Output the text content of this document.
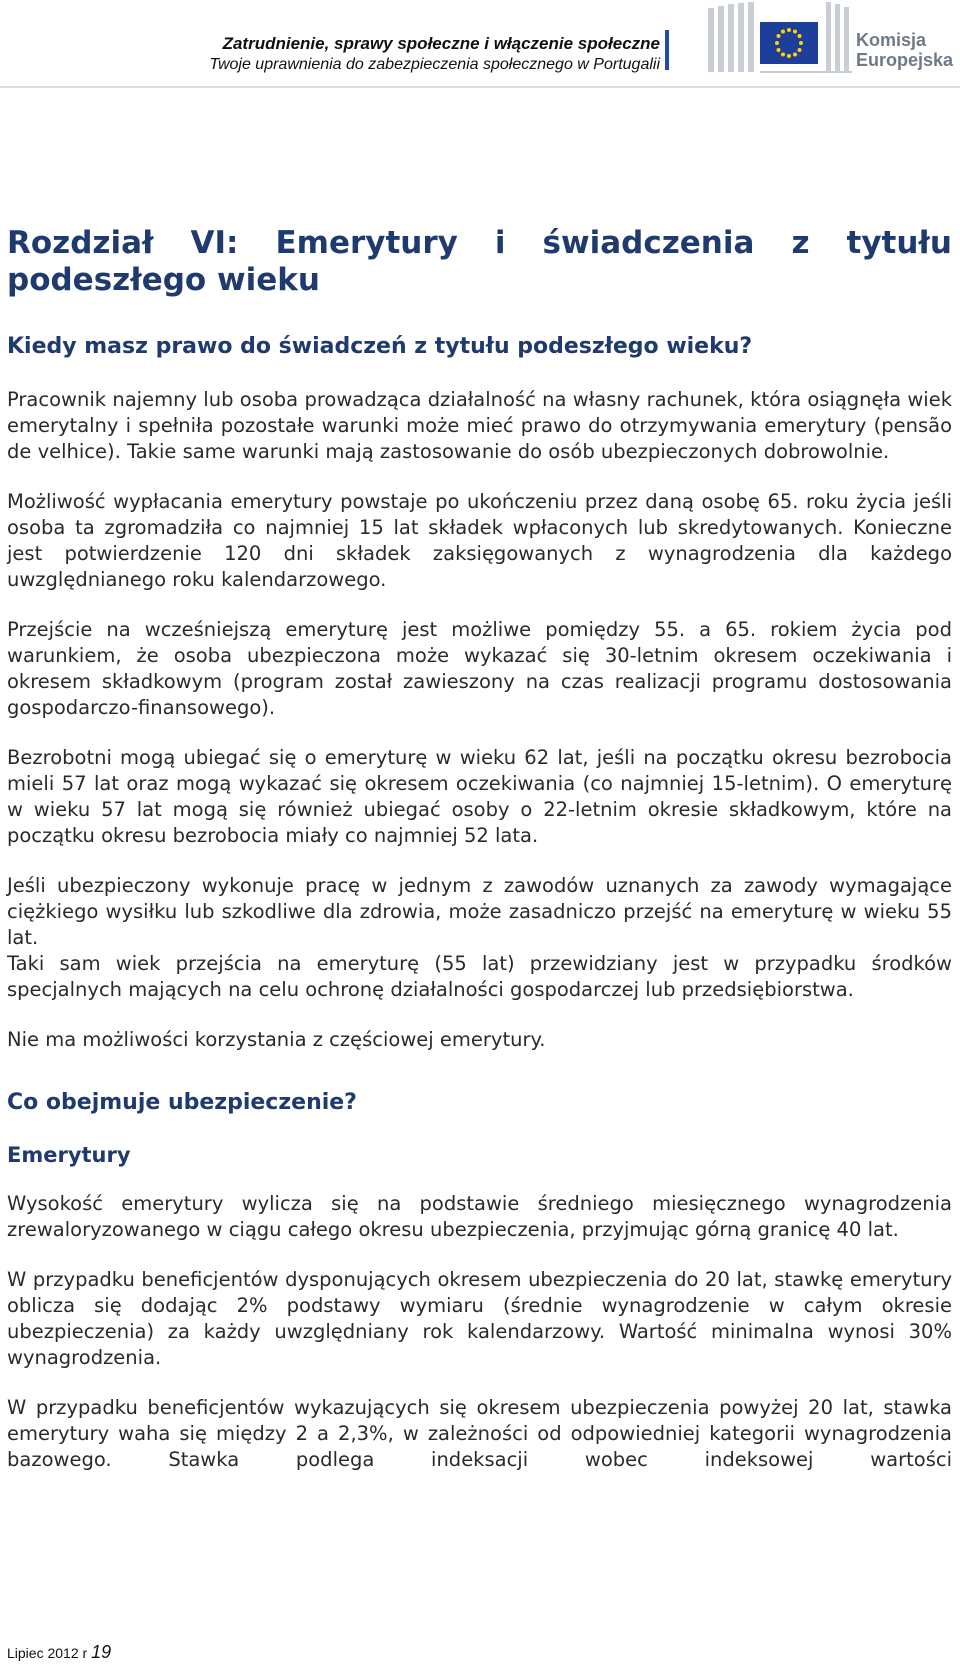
Zatrudnienie, sprawy społeczne i włączenie społeczne
Twoje uprawnienia do zabezpieczenia społecznego w Portugalii
Komisja
Europejska
Rozdział VI: Emerytury i świadczenia z tytułu podeszłego wieku
Kiedy masz prawo do świadczeń z tytułu podeszłego wieku?

Pracownik najemny lub osoba prowadząca działalność na własny rachunek, która osiągnęła wiek emerytalny i spełniła pozostałe warunki może mieć prawo do otrzymywania emerytury (pensão de velhice). Takie same warunki mają zastosowanie do osób ubezpieczonych dobrowolnie.

Możliwość wypłacania emerytury powstaje po ukończeniu przez daną osobę 65. roku życia jeśli osoba ta zgromadziła co najmniej 15 lat składek wpłaconych lub skredytowanych. Konieczne jest potwierdzenie 120 dni składek zaksięgowanych z wynagrodzenia dla każdego uwzględnianego roku kalendarzowego.

Przejście na wcześniejszą emeryturę jest możliwe pomiędzy 55. a 65. rokiem życia pod warunkiem, że osoba ubezpieczona może wykazać się 30-letnim okresem oczekiwania i okresem składkowym (program został zawieszony na czas realizacji programu dostosowania gospodarczo-finansowego).

Bezrobotni mogą ubiegać się o emeryturę w wieku 62 lat, jeśli na początku okresu bezrobocia mieli 57 lat oraz mogą wykazać się okresem oczekiwania (co najmniej 15-letnim). O emeryturę w wieku 57 lat mogą się również ubiegać osoby o 22-letnim okresie składkowym, które na początku okresu bezrobocia miały co najmniej 52 lata.

Jeśli ubezpieczony wykonuje pracę w jednym z zawodów uznanych za zawody wymagające ciężkiego wysiłku lub szkodliwe dla zdrowia, może zasadniczo przejść na emeryturę w wieku 55 lat.

Taki sam wiek przejścia na emeryturę (55 lat) przewidziany jest w przypadku środków specjalnych mających na celu ochronę działalności gospodarczej lub przedsiębiorstwa.

Nie ma możliwości korzystania z częściowej emerytury.

Co obejmuje ubezpieczenie?
Emerytury

Wysokość emerytury wylicza się na podstawie średniego miesięcznego wynagrodzenia zrewaloryzowanego w ciągu całego okresu ubezpieczenia, przyjmując górną granicę 40 lat.

W przypadku beneficjentów dysponujących okresem ubezpieczenia do 20 lat, stawkę emerytury oblicza się dodając 2% podstawy wymiaru (średnie wynagrodzenie w całym okresie ubezpieczenia) za każdy uwzględniany rok kalendarzowy. Wartość minimalna wynosi 30% wynagrodzenia.

W przypadku beneficjentów wykazujących się okresem ubezpieczenia powyżej 20 lat, stawka emerytury waha się między 2 a 2,3%, w zależności od odpowiedniej kategorii wynagrodzenia bazowego. Stawka podlega indeksacji wobec indeksowej wartości

Lipiec 2012 r 19
